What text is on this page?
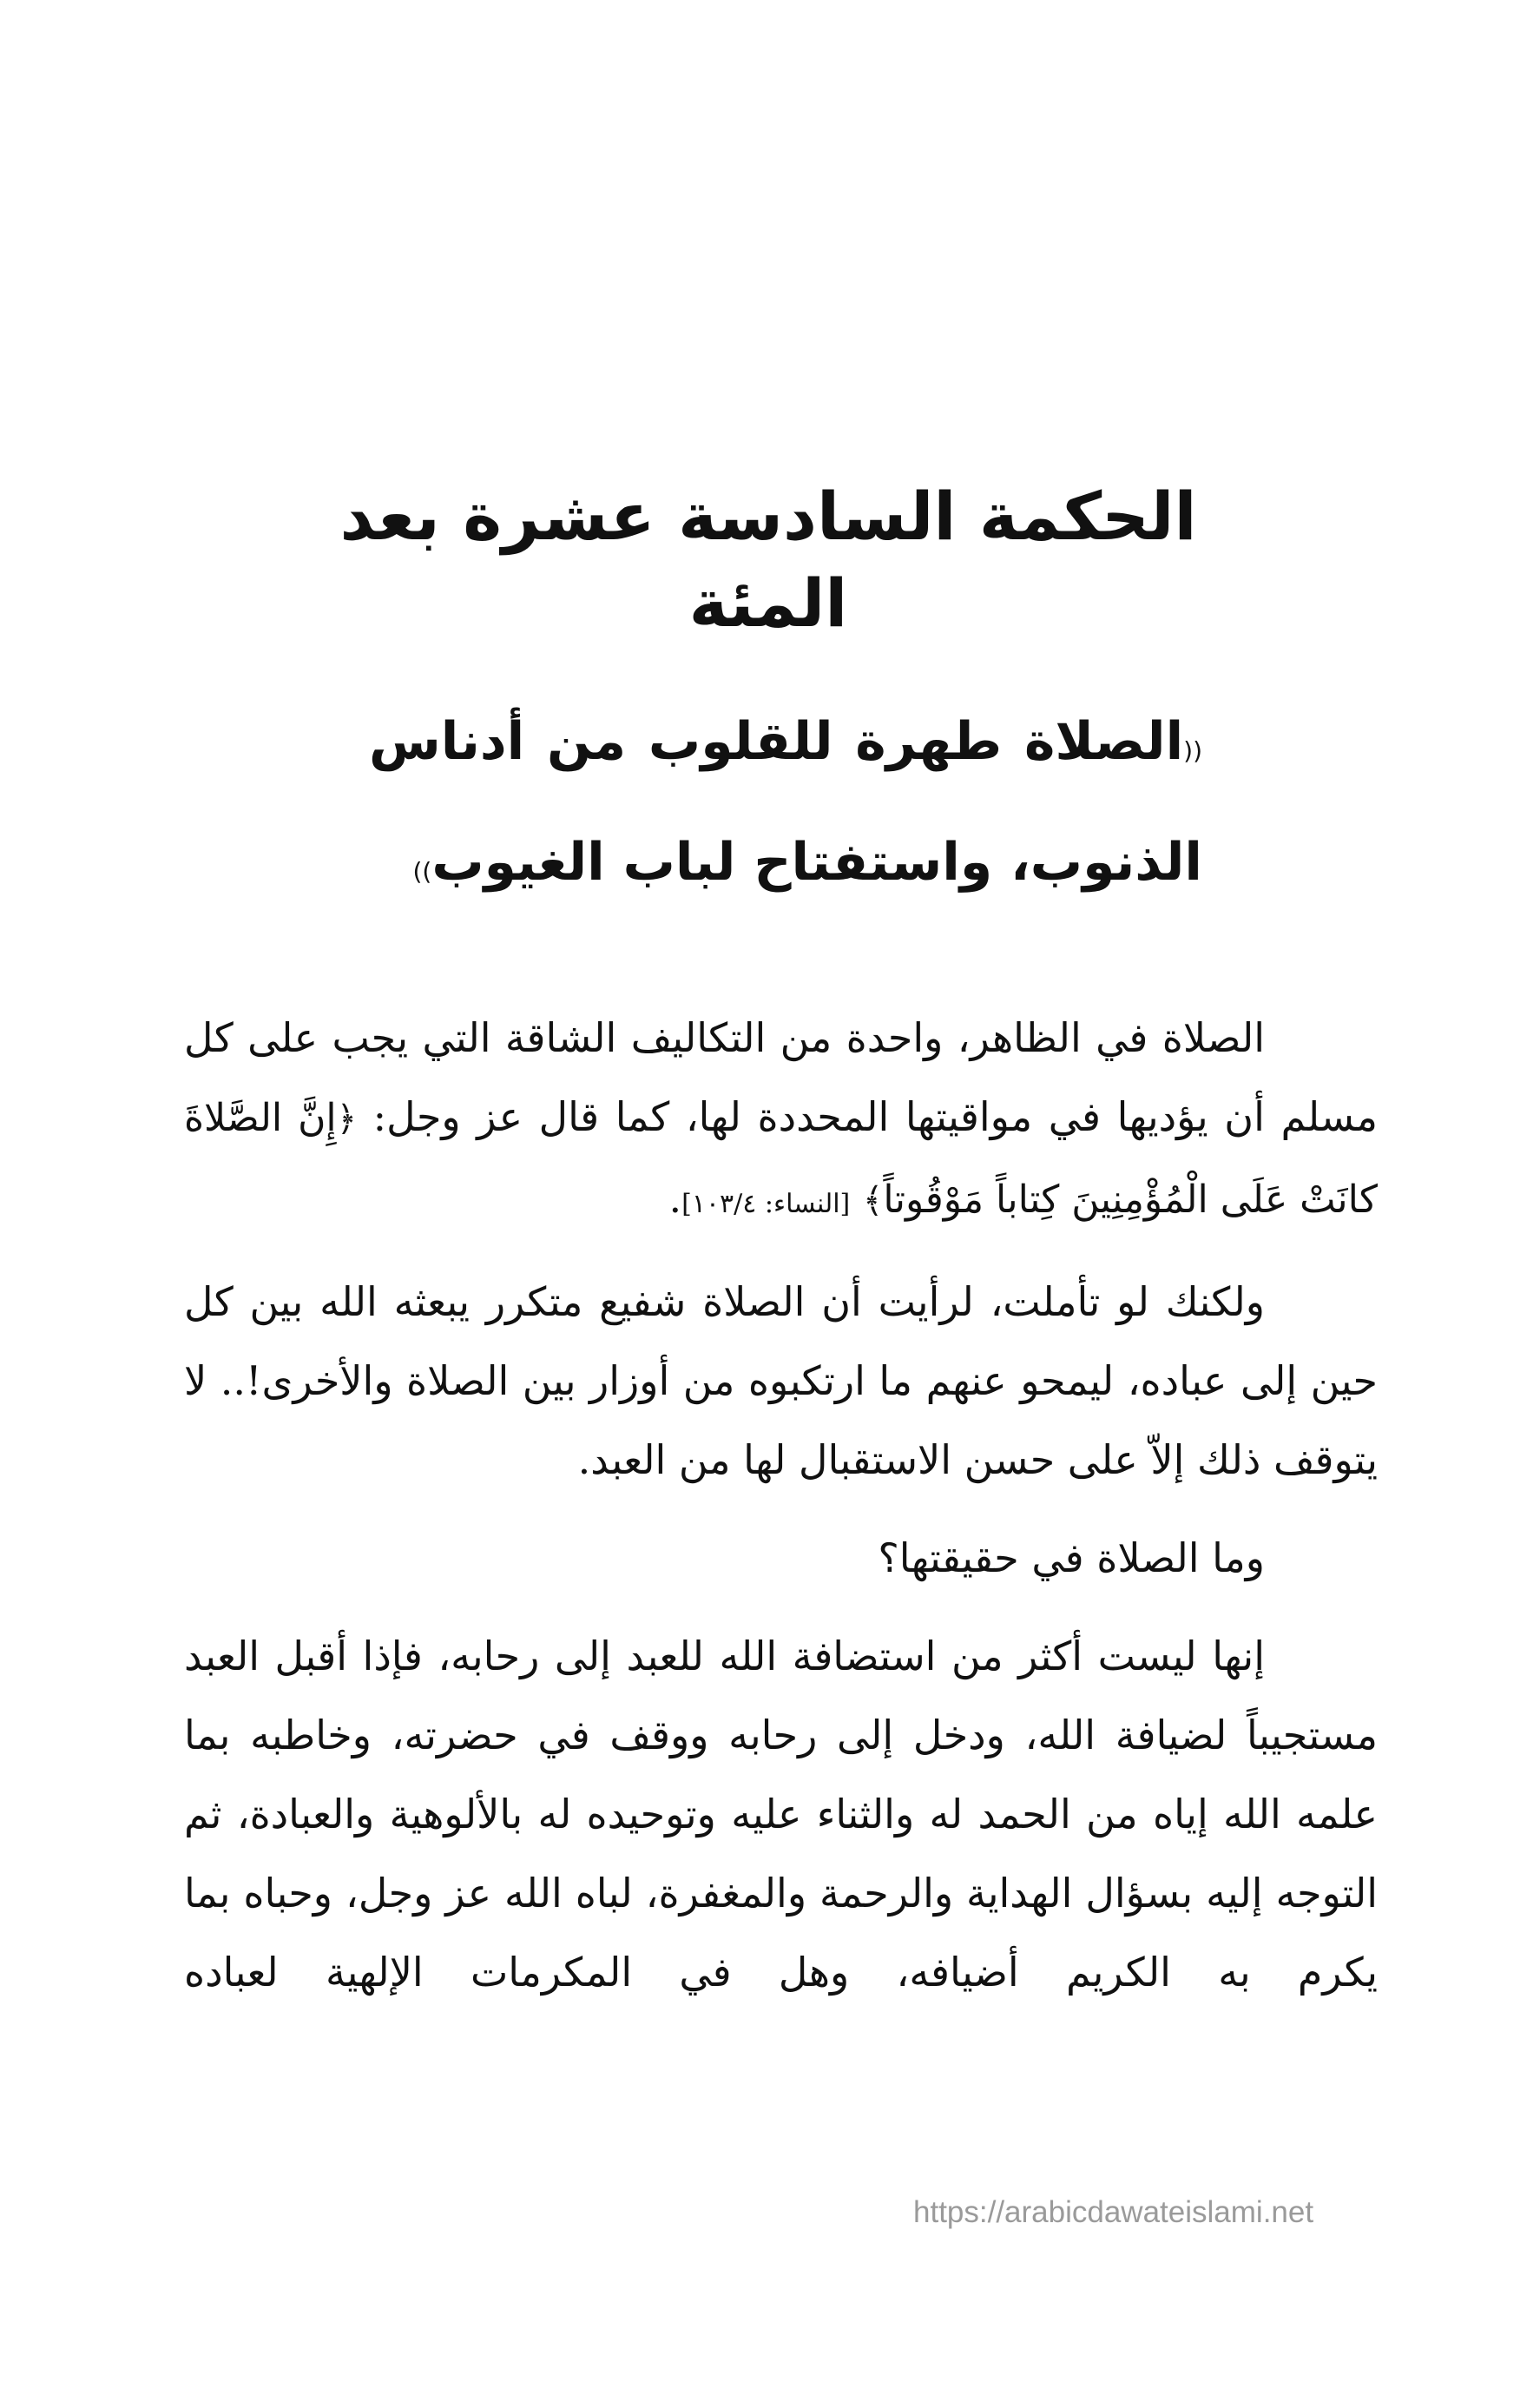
الحكمة السادسة عشرة بعد المئة
((الصلاة طهرة للقلوب من أدناس الذنوب، واستفتاح لباب الغيوب))

الصلاة في الظاهر، واحدة من التكاليف الشاقة التي يجب على كل مسلم أن يؤديها في مواقيتها المحددة لها، كما قال عز وجل: ﴿إِنَّ الصَّلاةَ كانَتْ عَلَى الْمُؤْمِنِينَ كِتاباً مَوْقُوتاً﴾ [النساء: ١٠٣/٤].

ولكنك لو تأملت، لرأيت أن الصلاة شفيع متكرر يبعثه الله بين كل حين إلى عباده، ليمحو عنهم ما ارتكبوه من أوزار بين الصلاة والأخرى!.. لا يتوقف ذلك إلاّ على حسن الاستقبال لها من العبد.

وما الصلاة في حقيقتها؟

إنها ليست أكثر من استضافة الله للعبد إلى رحابه، فإذا أقبل العبد مستجيباً لضيافة الله، ودخل إلى رحابه ووقف في حضرته، وخاطبه بما علمه الله إياه من الحمد له والثناء عليه وتوحيده له بالألوهية والعبادة، ثم التوجه إليه بسؤال الهداية والرحمة والمغفرة، لباه الله عز وجل، وحباه بما يكرم به الكريم أضيافه، وهل في المكرمات الإلهية لعباده

https://arabicdawateislami.net
